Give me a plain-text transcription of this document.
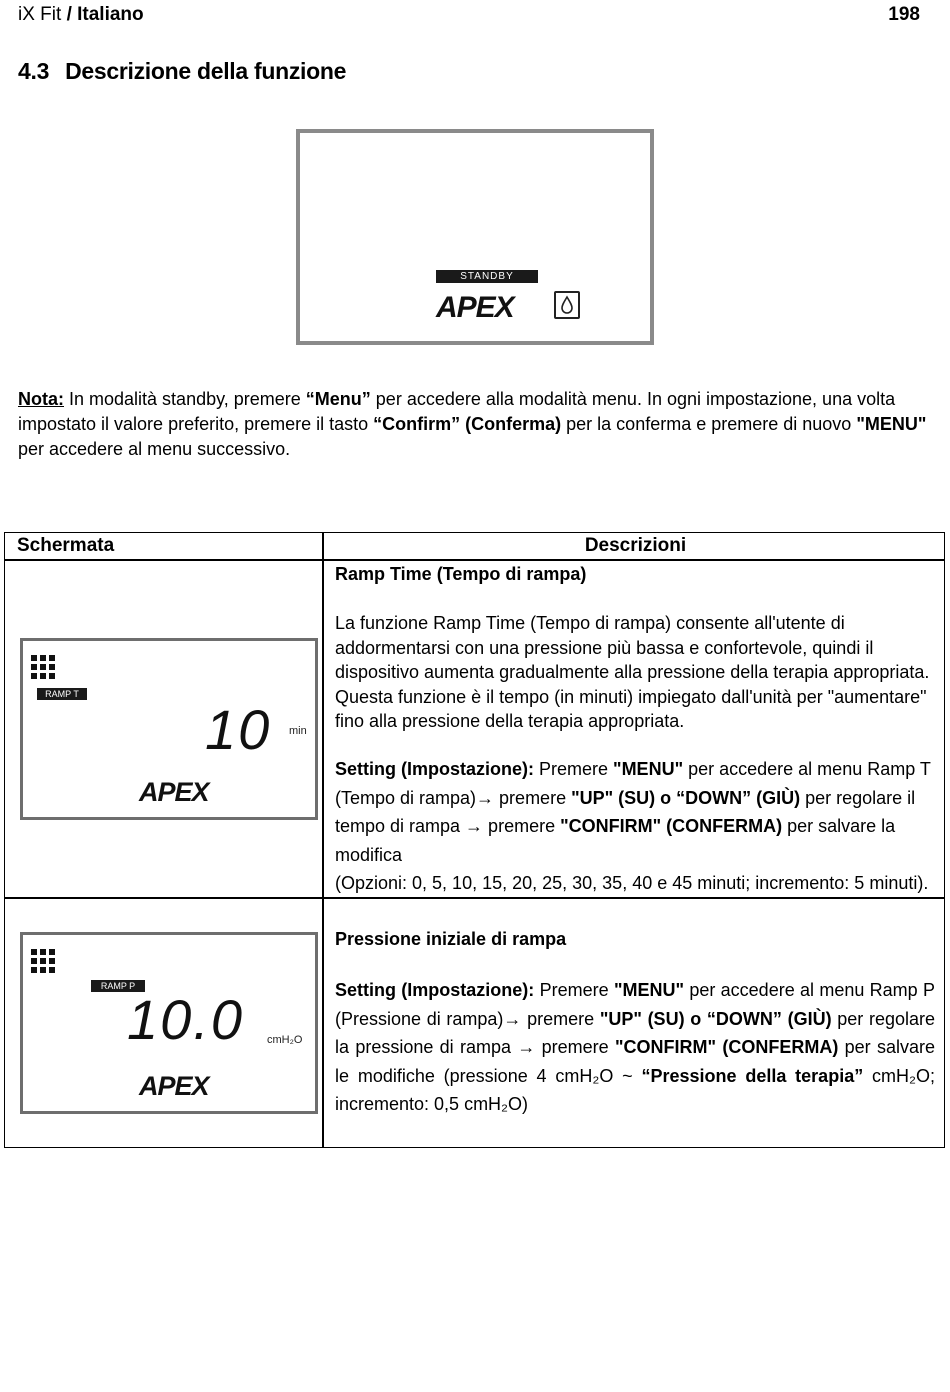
iX Fit / Italiano	198
4.3 Descrizione della funzione
STANDBY
APEX
Nota: In modalità standby, premere “Menu” per accedere alla modalità menu. In ogni impostazione, una volta impostato il valore preferito, premere il tasto “Confirm” (Conferma) per la conferma e premere di nuovo "MENU" per accedere al menu successivo.
Schermata	Descrizioni
RAMP T
10 min
APEX
Ramp Time (Tempo di rampa)
La funzione Ramp Time (Tempo di rampa) consente all'utente di addormentarsi con una pressione più bassa e confortevole, quindi il dispositivo aumenta gradualmente alla pressione della terapia appropriata. Questa funzione è il tempo (in minuti) impiegato dall'unità per "aumentare" fino alla pressione della terapia appropriata.
Setting (Impostazione): Premere "MENU" per accedere al menu Ramp T (Tempo di rampa)→ premere "UP" (SU) o “DOWN” (GIÙ) per regolare il tempo di rampa → premere "CONFIRM" (CONFERMA) per salvare la modifica
(Opzioni: 0, 5, 10, 15, 20, 25, 30, 35, 40 e 45 minuti; incremento: 5 minuti).
RAMP P
10.0 cmH₂O
APEX
Pressione iniziale di rampa
Setting (Impostazione): Premere "MENU" per accedere al menu Ramp P (Pressione di rampa)→ premere "UP" (SU) o “DOWN” (GIÙ) per regolare la pressione di rampa → premere "CONFIRM" (CONFERMA) per salvare le modifiche (pressione 4 cmH₂O ~ “Pressione della terapia” cmH₂O; incremento: 0,5 cmH₂O)
